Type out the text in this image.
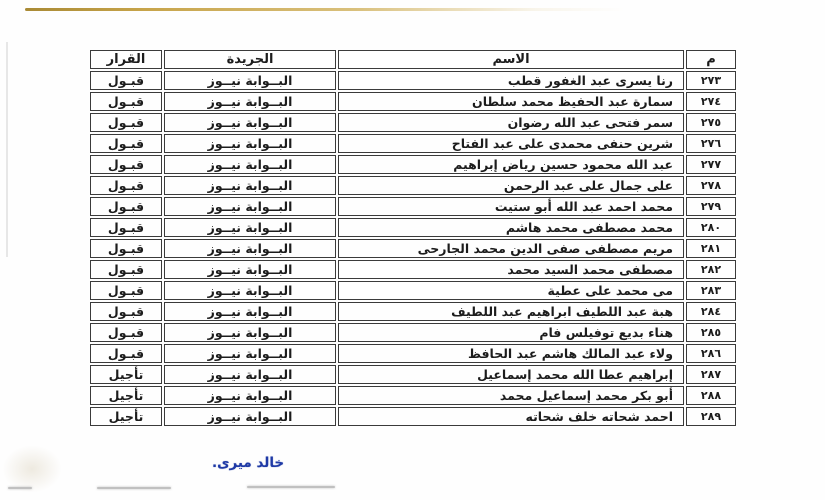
م	الاسم	الجريدة	القرار
٢٧٣	رنا يسرى عبد الغفور قطب	البــوابة نيــوز	قبـول
٢٧٤	سمارة عبد الحفيظ محمد سلطان	البــوابة نيــوز	قبـول
٢٧٥	سمر فتحى عبد الله رضوان	البــوابة نيــوز	قبـول
٢٧٦	شرين حنفى محمدى على عبد الفتاح	البــوابة نيــوز	قبـول
٢٧٧	عبد الله محمود حسين رياض إبراهيم	البــوابة نيــوز	قبـول
٢٧٨	على جمال على عبد الرحمن	البــوابة نيــوز	قبـول
٢٧٩	محمد احمد عبد الله أبو ستيت	البــوابة نيــوز	قبـول
٢٨٠	محمد مصطفى محمد هاشم	البــوابة نيــوز	قبـول
٢٨١	مريم مصطفى صفى الدين محمد الجارحى	البــوابة نيــوز	قبـول
٢٨٢	مصطفى محمد السيد محمد	البــوابة نيــوز	قبـول
٢٨٣	مى محمد على عطية	البــوابة نيــوز	قبـول
٢٨٤	هبة عبد اللطيف ابراهيم عبد اللطيف	البــوابة نيــوز	قبـول
٢٨٥	هناء بديع توفيلس فام	البــوابة نيــوز	قبـول
٢٨٦	ولاء عبد المالك هاشم عبد الحافظ	البــوابة نيــوز	قبـول
٢٨٧	إبراهيم عطا الله محمد إسماعيل	البــوابة نيــوز	تأجيل
٢٨٨	أبو بكر محمد إسماعيل محمد	البــوابة نيــوز	تأجيل
٢٨٩	احمد شحاته خلف شحاته	البــوابة نيــوز	تأجيل
خالد ميرى.
